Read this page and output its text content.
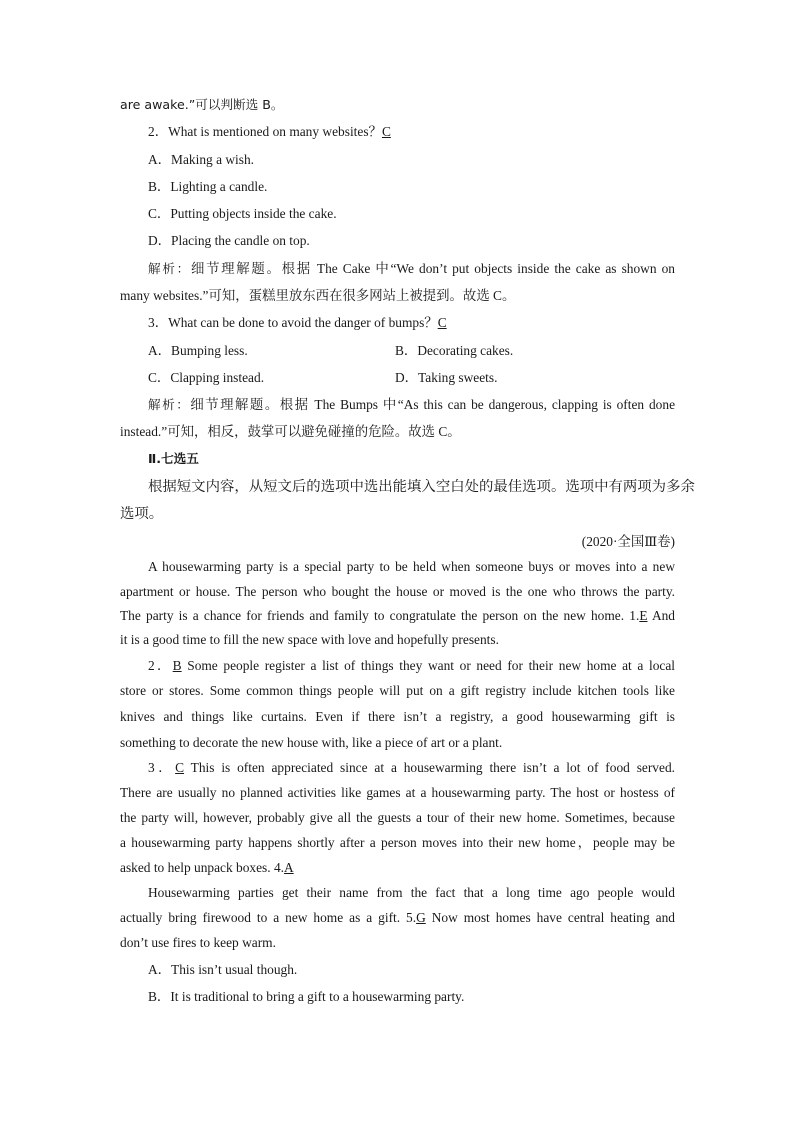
are awake.”可以判断选 B。
2．What is mentioned on many websites？C
A．Making a wish.
B．Lighting a candle.
C．Putting objects inside the cake.
D．Placing the candle on top.
解析：细节理解题。根据 The Cake 中“We don’t put objects inside the cake as shown on
many websites.”可知，蛋糕里放东西在很多网站上被提到。故选 C。
3．What can be done to avoid the danger of bumps？C
A．Bumping less.	B．Decorating cakes.
C．Clapping instead.	D．Taking sweets.
解析：细节理解题。根据 The Bumps 中“As this can be dangerous, clapping is often done
instead.”可知，相反，鼓掌可以避免碰撞的危险。故选 C。
Ⅱ.七选五
根据短文内容，从短文后的选项中选出能填入空白处的最佳选项。选项中有两项为多余
选项。
(2020·全国Ⅲ卷)
A housewarming party is a special party to be held when someone buys or moves into a new
apartment or house. The person who bought the house or moved is the one who throws the party.
The party is a chance for friends and family to congratulate the person on the new home. 1.E And
it is a good time to fill the new space with love and hopefully presents.
2．B Some people register a list of things they want or need for their new home at a local
store or stores. Some common things people will put on a gift registry include kitchen tools like
knives and things like curtains. Even if there isn’t a registry, a good housewarming gift is
something to decorate the new house with, like a piece of art or a plant.
3．C This is often appreciated since at a housewarming there isn’t a lot of food served.
There are usually no planned activities like games at a housewarming party. The host or hostess of
the party will, however, probably give all the guests a tour of their new home. Sometimes, because
a housewarming party happens shortly after a person moves into their new home，people may be
asked to help unpack boxes. 4.A
Housewarming parties get their name from the fact that a long time ago people would
actually bring firewood to a new home as a gift. 5.G Now most homes have central heating and
don’t use fires to keep warm.
A．This isn’t usual though.
B．It is traditional to bring a gift to a housewarming party.
